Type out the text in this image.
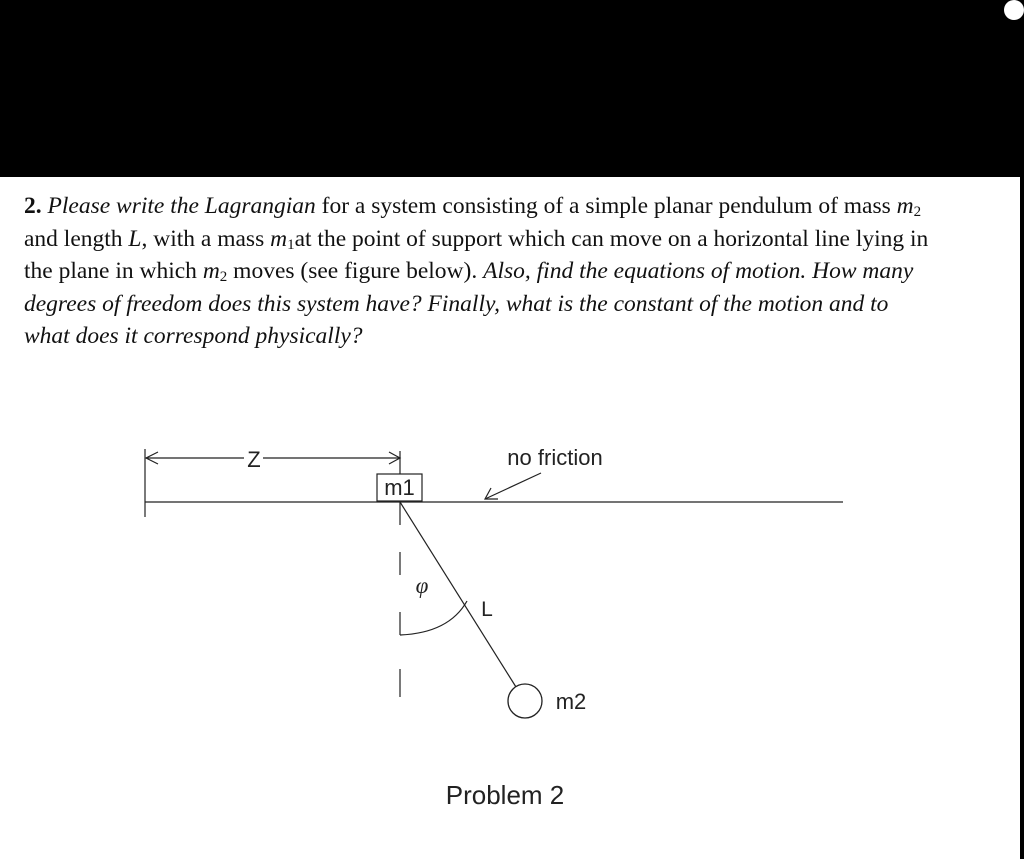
2. Please write the Lagrangian for a system consisting of a simple planar pendulum of mass $m_2$
and length L, with a mass $m_1at$ the point of support which can move on a horizontal line lying in
the plane in which $m_2$ moves (see figure below). Also, find the equations of motion. How many
degrees of freedom does this system have? Finally, what is the constant of the motion and to
what does it correspond physically?
Z
m1
no friction
φ
L
m2
Problem 2
